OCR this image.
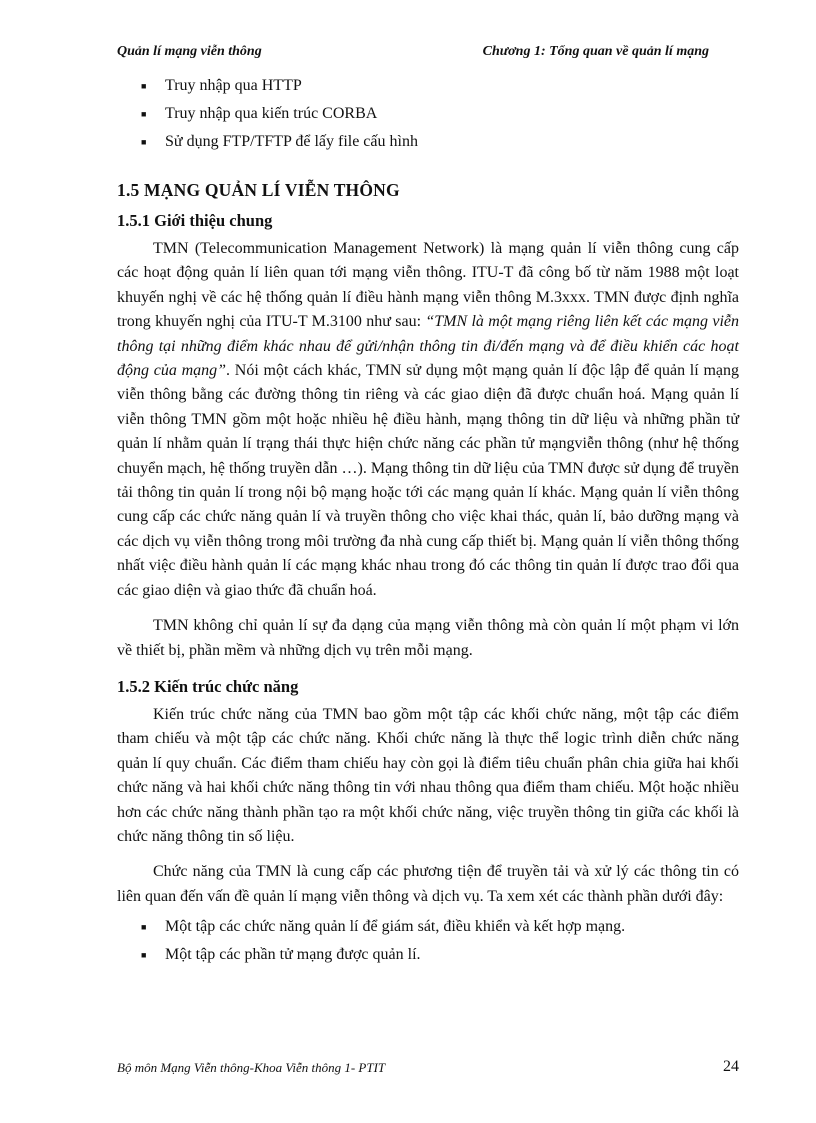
Quản lí mạng viễn thông	Chương 1: Tổng quan về quản lí mạng
■ Truy nhập qua HTTP
■ Truy nhập qua kiến trúc CORBA
■ Sử dụng FTP/TFTP để lấy file cấu hình
1.5 MẠNG QUẢN LÍ VIỄN THÔNG
1.5.1 Giới thiệu chung

TMN (Telecommunication Management Network) là mạng quản lí viễn thông cung cấp các hoạt động quản lí liên quan tới mạng viễn thông. ITU-T đã công bố từ năm 1988 một loạt khuyến nghị về các hệ thống quản lí điều hành mạng viễn thông M.3xxx. TMN được định nghĩa trong khuyến nghị của ITU-T M.3100 như sau: “TMN là một mạng riêng liên kết các mạng viễn thông tại những điểm khác nhau để gửi/nhận thông tin đi/đến mạng và để điều khiển các hoạt động của mạng”. Nói một cách khác, TMN sử dụng một mạng quản lí độc lập để quản lí mạng viễn thông bằng các đường thông tin riêng và các giao diện đã được chuẩn hoá. Mạng quản lí viễn thông TMN gồm một hoặc nhiều hệ điều hành, mạng thông tin dữ liệu và những phần tử quản lí nhằm quản lí trạng thái thực hiện chức năng các phần tử mạngviễn thông (như hệ thống chuyển mạch, hệ thống truyền dẫn …). Mạng thông tin dữ liệu của TMN được sử dụng để truyền tải thông tin quản lí trong nội bộ mạng hoặc tới các mạng quản lí khác. Mạng quản lí viễn thông cung cấp các chức năng quản lí và truyền thông cho việc khai thác, quản lí, bảo dưỡng mạng và các dịch vụ viễn thông trong môi trường đa nhà cung cấp thiết bị. Mạng quản lí viễn thông thống nhất việc điều hành quản lí các mạng khác nhau trong đó các thông tin quản lí được trao đổi qua các giao diện và giao thức đã chuẩn hoá.

TMN không chỉ quản lí sự đa dạng của mạng viễn thông mà còn quản lí một phạm vi lớn về thiết bị, phần mềm và những dịch vụ trên mỗi mạng.

1.5.2 Kiến trúc chức năng

Kiến trúc chức năng của TMN bao gồm một tập các khối chức năng, một tập các điểm tham chiếu và một tập các chức năng. Khối chức năng là thực thể logic trình diễn chức năng quản lí quy chuẩn. Các điểm tham chiếu hay còn gọi là điểm tiêu chuẩn phân chia giữa hai khối chức năng và hai khối chức năng thông tin với nhau thông qua điểm tham chiếu. Một hoặc nhiều hơn các chức năng thành phần tạo ra một khối chức năng, việc truyền thông tin giữa các khối là chức năng thông tin số liệu.

Chức năng của TMN là cung cấp các phương tiện để truyền tải và xử lý các thông tin có liên quan đến vấn đề quản lí mạng viễn thông và dịch vụ. Ta xem xét các thành phần dưới đây:

■ Một tập các chức năng quản lí để giám sát, điều khiển và kết hợp mạng.
■ Một tập các phần tử mạng được quản lí.
Bộ môn Mạng Viễn thông-Khoa Viễn thông 1- PTIT	24
